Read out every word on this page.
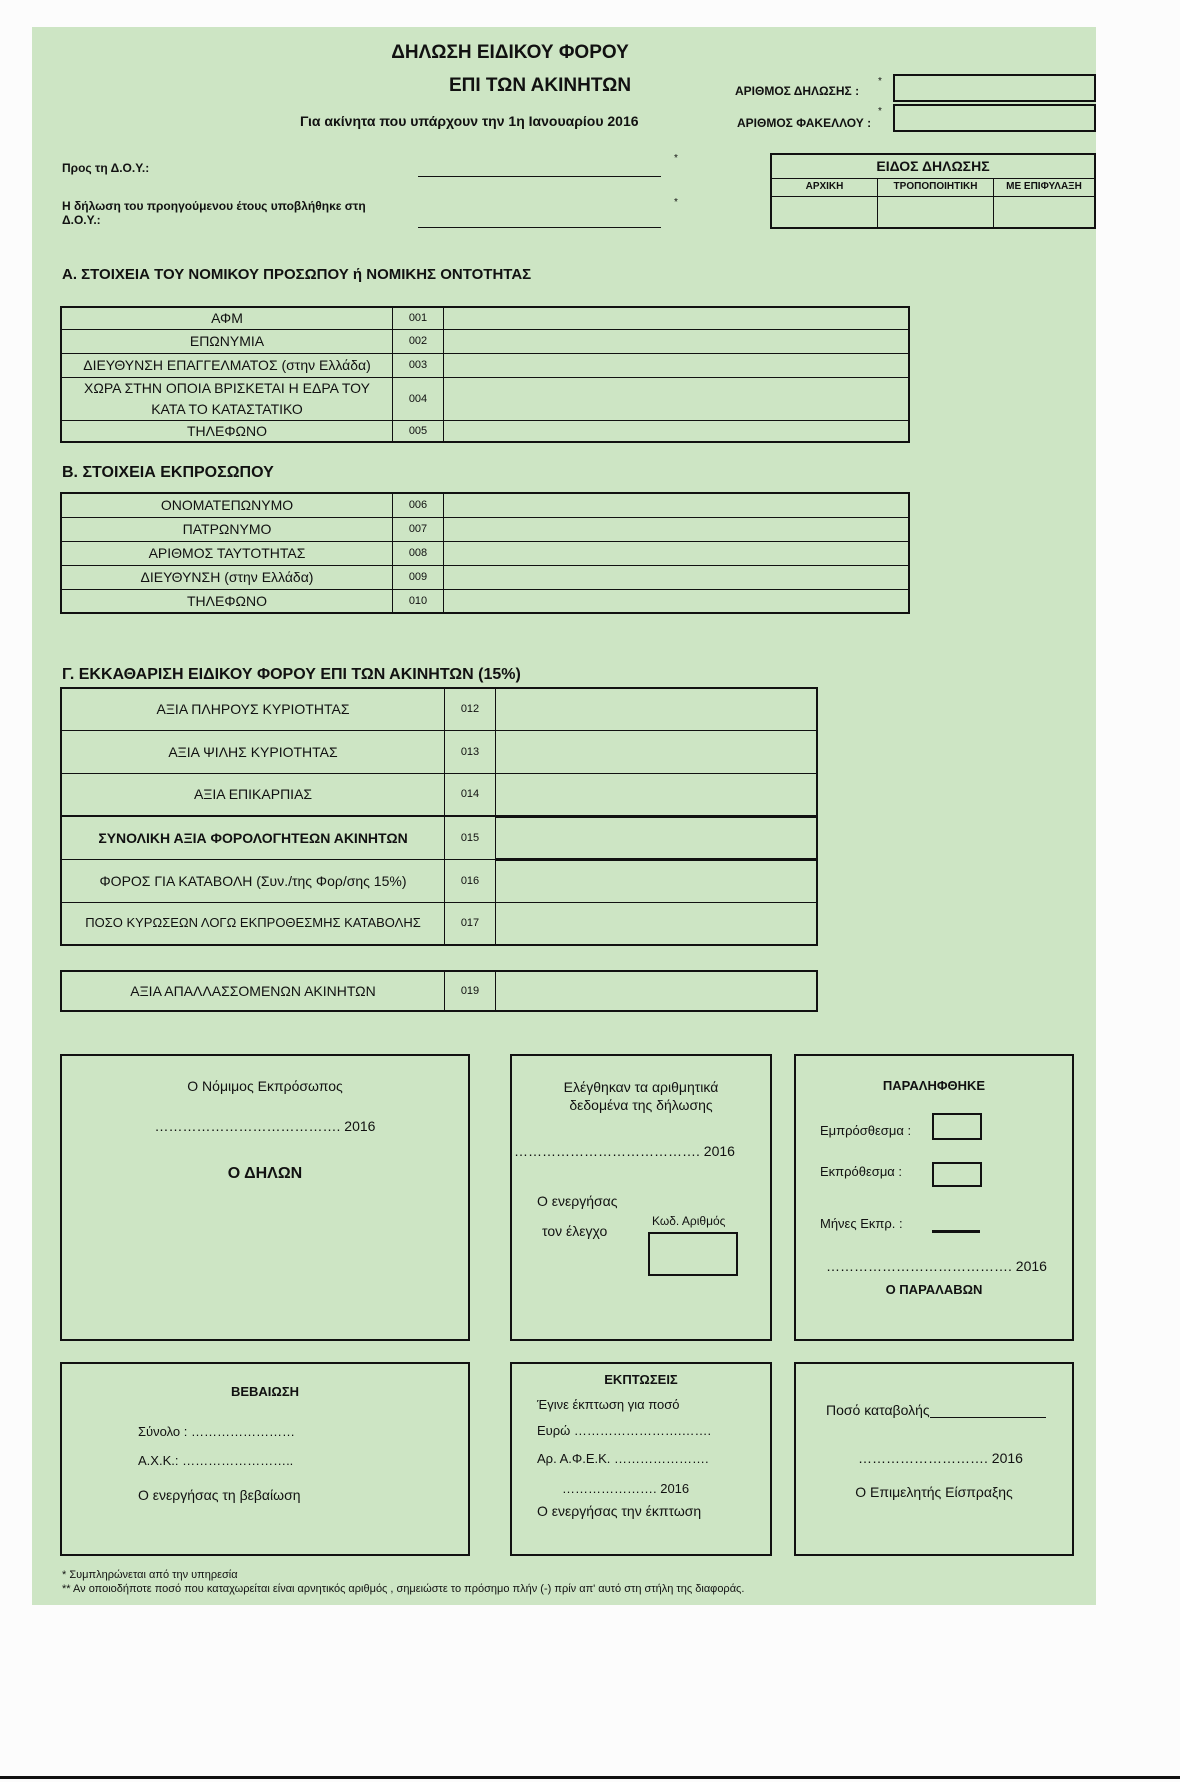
ΔΗΛΩΣΗ ΕΙΔΙΚΟΥ ΦΟΡΟΥ
ΕΠΙ ΤΩΝ ΑΚΙΝΗΤΩΝ
Για ακίνητα που υπάρχουν την 1η Ιανουαρίου 2016
ΑΡΙΘΜΟΣ ΔΗΛΩΣΗΣ :
*
ΑΡΙΘΜΟΣ ΦΑΚΕΛΛΟΥ :
*
Προς τη Δ.Ο.Υ.:
*
Η δήλωση του προηγούμενου έτους υποβλήθηκε στη
Δ.Ο.Υ.:
*
ΕΙΔΟΣ ΔΗΛΩΣΗΣ		
ΑΡΧΙΚΗ	ΤΡΟΠΟΠΟΙΗΤΙΚΗ	ΜΕ ΕΠΙΦΥΛΑΞΗ

Α. ΣΤΟΙΧΕΙΑ ΤΟΥ ΝΟΜΙΚΟΥ ΠΡΟΣΩΠΟΥ ή ΝΟΜΙΚΗΣ ΟΝΤΟΤΗΤΑΣ
ΑΦΜ	001	
ΕΠΩΝΥΜΙΑ	002	
ΔΙΕΥΘΥΝΣΗ ΕΠΑΓΓΕΛΜΑΤΟΣ (στην Ελλάδα)	003	
ΧΩΡΑ ΣΤΗΝ ΟΠΟΙΑ ΒΡΙΣΚΕΤΑΙ Η ΕΔΡΑ ΤΟΥ ΚΑΤΑ ΤΟ ΚΑΤΑΣΤΑΤΙΚΟ	004	
ΤΗΛΕΦΩΝΟ	005	
Β. ΣΤΟΙΧΕΙΑ ΕΚΠΡΟΣΩΠΟΥ
ΟΝΟΜΑΤΕΠΩΝΥΜΟ	006	
ΠΑΤΡΩΝΥΜΟ	007	
ΑΡΙΘΜΟΣ ΤΑΥΤΟΤΗΤΑΣ	008	
ΔΙΕΥΘΥΝΣΗ (στην Ελλάδα)	009	
ΤΗΛΕΦΩΝΟ	010	
Γ. ΕΚΚΑΘΑΡΙΣΗ ΕΙΔΙΚΟΥ ΦΟΡΟΥ ΕΠΙ ΤΩΝ ΑΚΙΝΗΤΩΝ (15%)
ΑΞΙΑ ΠΛΗΡΟΥΣ ΚΥΡΙΟΤΗΤΑΣ	012	
ΑΞΙΑ ΨΙΛΗΣ ΚΥΡΙΟΤΗΤΑΣ	013	
ΑΞΙΑ ΕΠΙΚΑΡΠΙΑΣ	014	
ΣΥΝΟΛΙΚΗ ΑΞΙΑ ΦΟΡΟΛΟΓΗΤΕΩΝ ΑΚΙΝΗΤΩΝ	015	
ΦΟΡΟΣ ΓΙΑ ΚΑΤΑΒΟΛΗ (Συν./της Φορ/σης 15%)	016	
ΠΟΣΟ ΚΥΡΩΣΕΩΝ ΛΟΓΩ ΕΚΠΡΟΘΕΣΜΗΣ ΚΑΤΑΒΟΛΗΣ	017	
ΑΞΙΑ ΑΠΑΛΛΑΣΣΟΜΕΝΩΝ ΑΚΙΝΗΤΩΝ	019	
Ο Νόμιμος Εκπρόσωπος
…………………………………. 2016
Ο ΔΗΛΩΝ
Ελέγθηκαν τα αριθμητικά
δεδομένα της δήλωσης
…………………………………. 2016
Ο ενεργήσας
τον έλεγχο
Κωδ. Αριθμός
ΠΑΡΑΛΗΦΘΗΚΕ
Εμπρόσθεσμα :
Εκπρόθεσμα :
Μήνες Εκπρ. :
…………………………………. 2016
Ο ΠΑΡΑΛΑΒΩΝ
ΒΕΒΑΙΩΣΗ
Σύνολο : ……………………
Α.Χ.Κ.: ……………………..
Ο ενεργήσας τη βεβαίωση
ΕΚΠΤΩΣΕΙΣ
Έγινε έκπτωση για ποσό
Ευρώ …………………….…….
Αρ. Α.Φ.Ε.Κ. ………………….
…………………. 2016
Ο ενεργήσας την έκπτωση
Ποσό καταβολής
………………………. 2016
Ο Επιμελητής Είσπραξης
* Συμπληρώνεται από την υπηρεσία
** Αν οποιοδήποτε ποσό που καταχωρείται είναι αρνητικός αριθμός , σημειώστε το πρόσημο πλήν (-) πρίν απ' αυτό στη στήλη της διαφοράς.
